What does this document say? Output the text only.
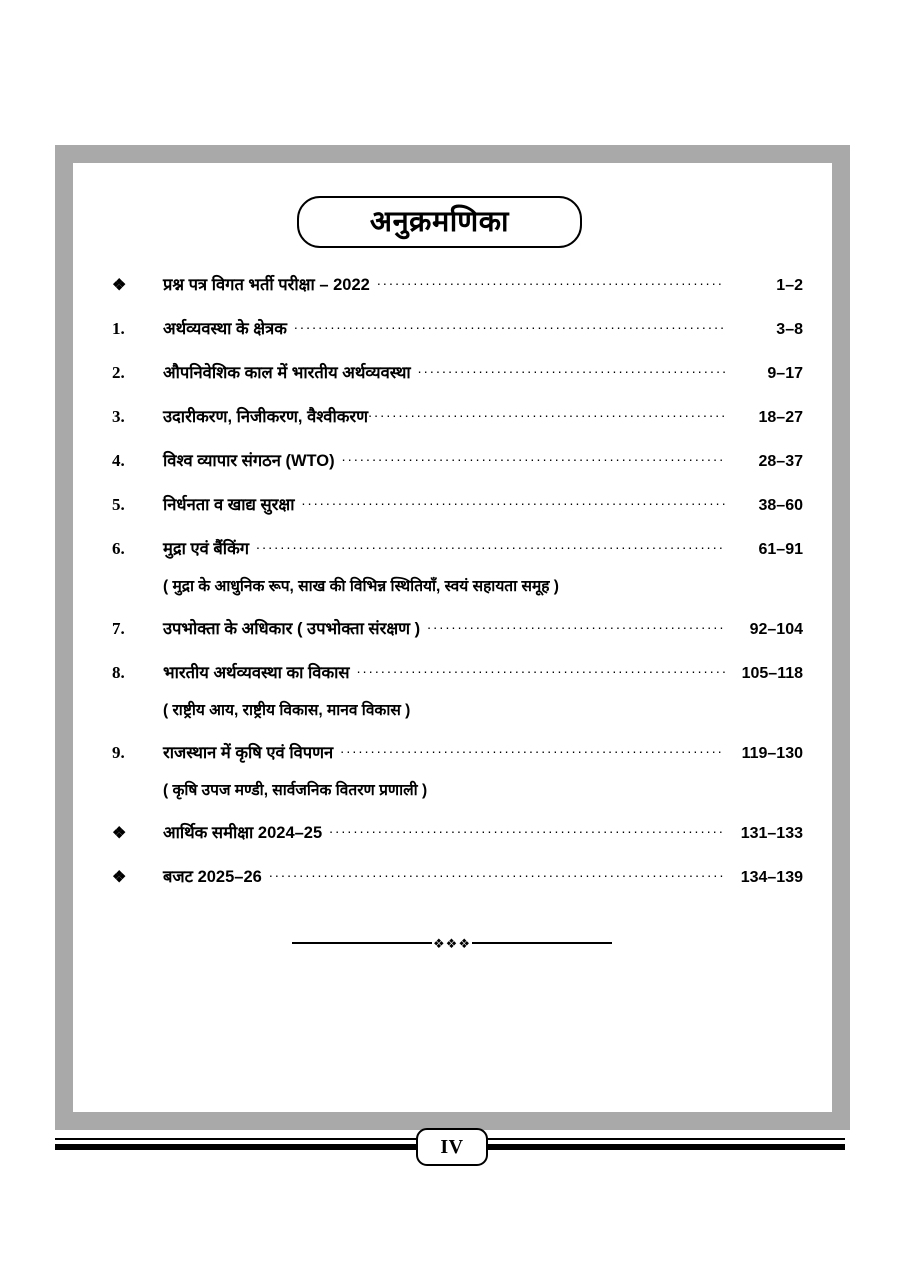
अनुक्रमणिका
❖	प्रश्न पत्र विगत भर्ती परीक्षा – 2022 .....	1–2
1.	अर्थव्यवस्था के क्षेत्रक .....	3–8
2.	औपनिवेशिक काल में भारतीय अर्थव्यवस्था .....	9–17
3.	उदारीकरण, निजीकरण, वैश्वीकरण .....	18–27
4.	विश्व व्यापार संगठन (WTO) .....	28–37
5.	निर्धनता व खाद्य सुरक्षा .....	38–60
6.	मुद्रा एवं बैंकिंग .....	61–91
( मुद्रा के आधुनिक रूप, साख की विभिन्न स्थितियाँ, स्वयं सहायता समूह )
7.	उपभोक्ता के अधिकार ( उपभोक्ता संरक्षण ) .....	92–104
8.	भारतीय अर्थव्यवस्था का विकास .....	105–118
( राष्ट्रीय आय, राष्ट्रीय विकास, मानव विकास )
9.	राजस्थान में कृषि एवं विपणन .....	119–130
( कृषि उपज मण्डी, सार्वजनिक वितरण प्रणाली )
❖	आर्थिक समीक्षा 2024–25 .....	131–133
❖	बजट 2025–26 .....	134–139
❖❖❖
IV
